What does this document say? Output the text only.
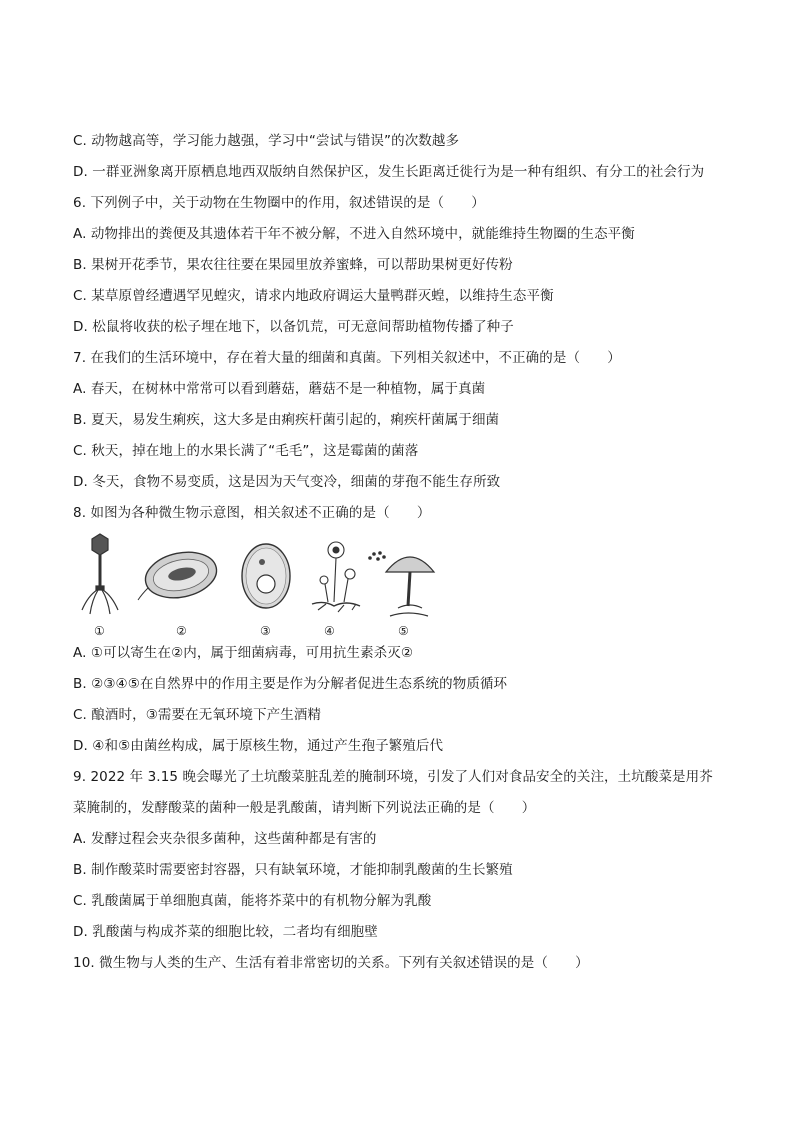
C. 动物越高等，学习能力越强，学习中“尝试与错误”的次数越多
D. 一群亚洲象离开原栖息地西双版纳自然保护区，发生长距离迁徙行为是一种有组织、有分工的社会行为
6. 下列例子中，关于动物在生物圈中的作用，叙述错误的是（　　）
A. 动物排出的粪便及其遗体若干年不被分解，不进入自然环境中，就能维持生物圈的生态平衡
B. 果树开花季节，果农往往要在果园里放养蜜蜂，可以帮助果树更好传粉
C. 某草原曾经遭遇罕见蝗灾，请求内地政府调运大量鸭群灭蝗，以维持生态平衡
D. 松鼠将收获的松子埋在地下，以备饥荒，可无意间帮助植物传播了种子
7. 在我们的生活环境中，存在着大量的细菌和真菌。下列相关叙述中，不正确的是（　　）
A. 春天，在树林中常常可以看到蘑菇，蘑菇不是一种植物，属于真菌
B. 夏天，易发生痢疾，这大多是由痢疾杆菌引起的，痢疾杆菌属于细菌
C. 秋天，掉在地上的水果长满了“毛毛”，这是霉菌的菌落
D. 冬天，食物不易变质，这是因为天气变冷，细菌的芽孢不能生存所致
8. 如图为各种微生物示意图，相关叙述不正确的是（　　）
①	②	③	④	⑤
A. ①可以寄生在②内，属于细菌病毒，可用抗生素杀灭②
B. ②③④⑤在自然界中的作用主要是作为分解者促进生态系统的物质循环
C. 酿酒时，③需要在无氧环境下产生酒精
D. ④和⑤由菌丝构成，属于原核生物，通过产生孢子繁殖后代
9. 2022 年 3.15 晚会曝光了土坑酸菜脏乱差的腌制环境，引发了人们对食品安全的关注，土坑酸菜是用芥
菜腌制的，发酵酸菜的菌种一般是乳酸菌，请判断下列说法正确的是（　　）
A. 发酵过程会夹杂很多菌种，这些菌种都是有害的
B. 制作酸菜时需要密封容器，只有缺氧环境，才能抑制乳酸菌的生长繁殖
C. 乳酸菌属于单细胞真菌，能将芥菜中的有机物分解为乳酸
D. 乳酸菌与构成芥菜的细胞比较，二者均有细胞壁
10. 微生物与人类的生产、生活有着非常密切的关系。下列有关叙述错误的是（　　）
